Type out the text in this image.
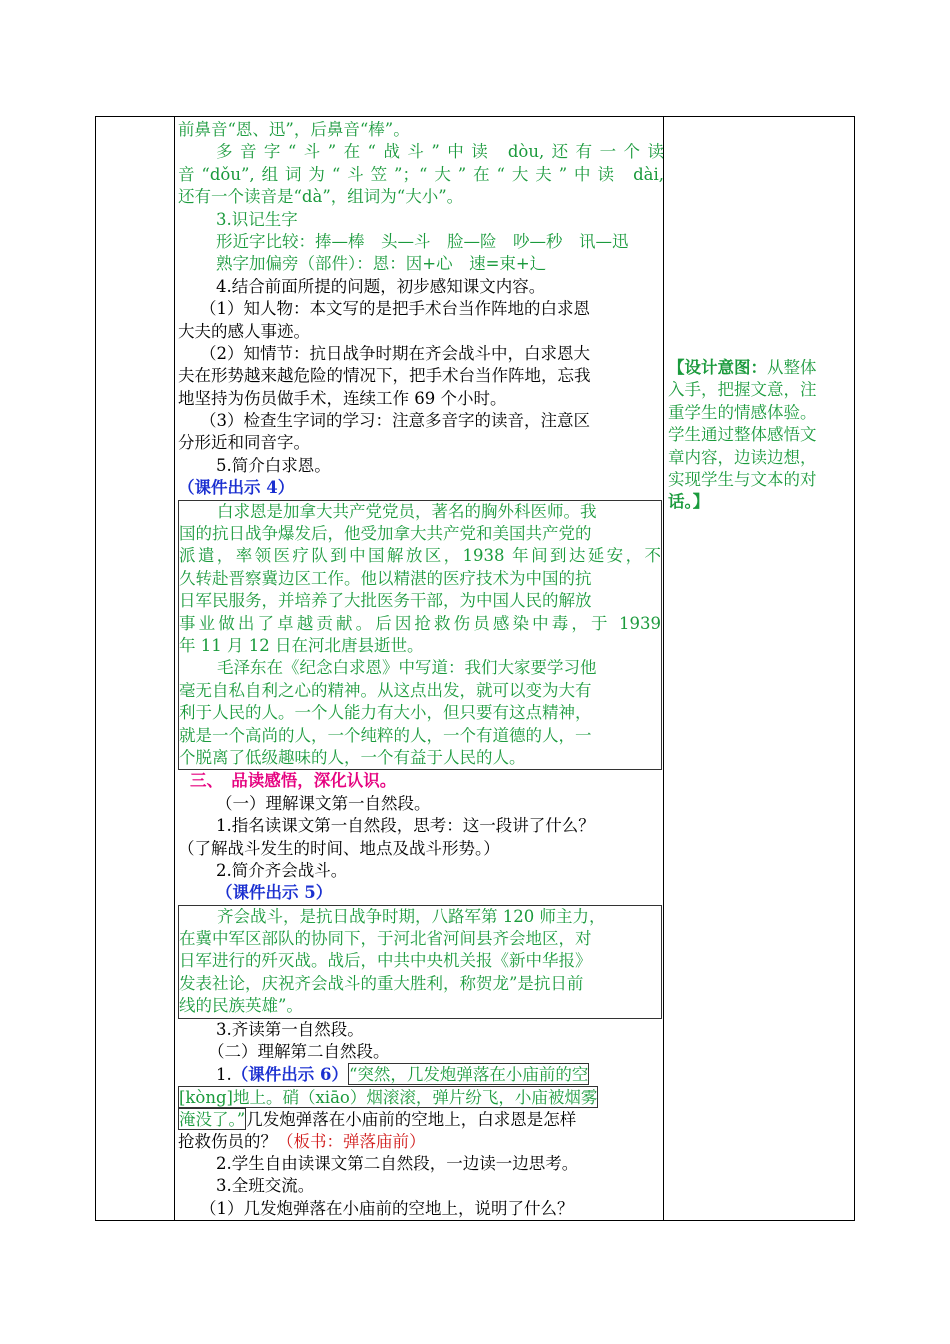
前鼻音“恩、迅”，后鼻音“棒”。
多音字“斗”在“战斗”中读 dòu,还有一个读
音“dǒu”,组词为“斗笠”；“大”在“大夫”中读 dài,
还有一个读音是“dà”，组词为“大小”。
3.识记生字
形近字比较：捧—棒　头—斗　脸—险　吵—秒　讯—迅
熟字加偏旁（部件）：恩：因+心　速=束+辶
4.结合前面所提的问题，初步感知课文内容。
（1）知人物：本文写的是把手术台当作阵地的白求恩
大夫的感人事迹。
（2）知情节：抗日战争时期在齐会战斗中，白求恩大
夫在形势越来越危险的情况下，把手术台当作阵地，忘我
地坚持为伤员做手术，连续工作 69 个小时。
（3）检查生字词的学习：注意多音字的读音，注意区
分形近和同音字。
5.简介白求恩。
（课件出示 4）
白求恩是加拿大共产党党员，著名的胸外科医师。我
国的抗日战争爆发后，他受加拿大共产党和美国共产党的
派遣，率领医疗队到中国解放区，1938 年间到达延安，不
久转赴晋察冀边区工作。他以精湛的医疗技术为中国的抗
日军民服务，并培养了大批医务干部，为中国人民的解放
事业做出了卓越贡献。后因抢救伤员感染中毒，于 1939
年 11 月 12 日在河北唐县逝世。
毛泽东在《纪念白求恩》中写道：我们大家要学习他
毫无自私自利之心的精神。从这点出发，就可以变为大有
利于人民的人。一个人能力有大小，但只要有这点精神，
就是一个高尚的人，一个纯粹的人，一个有道德的人，一
个脱离了低级趣味的人，一个有益于人民的人。
三、　品读感悟，深化认识。
（一）理解课文第一自然段。
1.指名读课文第一自然段，思考：这一段讲了什么？
（了解战斗发生的时间、地点及战斗形势。）
2.简介齐会战斗。
（课件出示 5）
齐会战斗，是抗日战争时期，八路军第 120 师主力，
在冀中军区部队的协同下，于河北省河间县齐会地区，对
日军进行的歼灭战。战后，中共中央机关报《新中华报》
发表社论，庆祝齐会战斗的重大胜利，称贺龙”是抗日前
线的民族英雄”。
3.齐读第一自然段。
（二）理解第二自然段。
1.（课件出示 6）“突然，几发炮弹落在小庙前的空
[kòng]地上。硝（xiāo）烟滚滚，弹片纷飞，小庙被烟雾
淹没了。”几发炮弹落在小庙前的空地上，白求恩是怎样
抢救伤员的？（板书：弹落庙前）
2.学生自由读课文第二自然段，一边读一边思考。
3.全班交流。
（1）几发炮弹落在小庙前的空地上，说明了什么？
【设计意图：从整体
入手，把握文意，注
重学生的情感体验。
学生通过整体感悟文
章内容，边读边想，
实现学生与文本的对
话。】
